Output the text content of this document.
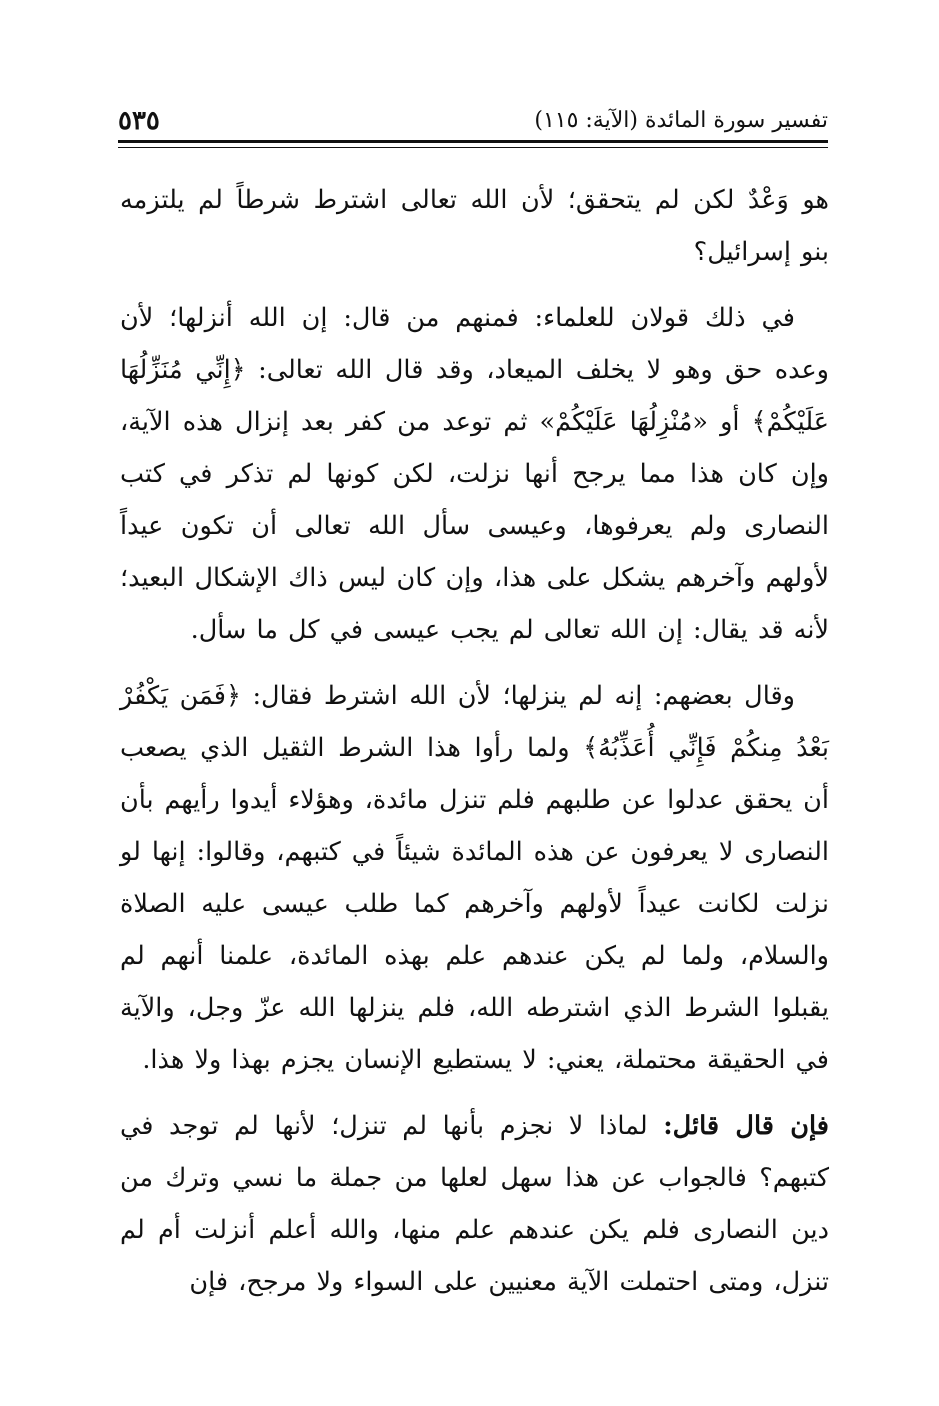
تفسير سورة المائدة (الآية: ١١٥)
٥٣٥

هو وَعْدٌ لكن لم يتحقق؛ لأن الله تعالى اشترط شرطاً لم يلتزمه بنو إسرائيل؟

في ذلك قولان للعلماء: فمنهم من قال: إن الله أنزلها؛ لأن وعده حق وهو لا يخلف الميعاد، وقد قال الله تعالى: ﴿إِنِّي مُنَزِّلُهَا عَلَيْكُمْ﴾ أو «مُنْزِلُهَا عَلَيْكُمْ» ثم توعد من كفر بعد إنزال هذه الآية، وإن كان هذا مما يرجح أنها نزلت، لكن كونها لم تذكر في كتب النصارى ولم يعرفوها، وعيسى سأل الله تعالى أن تكون عيداً لأولهم وآخرهم يشكل على هذا، وإن كان ليس ذاك الإشكال البعيد؛ لأنه قد يقال: إن الله تعالى لم يجب عيسى في كل ما سأل.

وقال بعضهم: إنه لم ينزلها؛ لأن الله اشترط فقال: ﴿فَمَن يَكْفُرْ بَعْدُ مِنكُمْ فَإِنِّي أُعَذِّبُهُ﴾ ولما رأوا هذا الشرط الثقيل الذي يصعب أن يحقق عدلوا عن طلبهم فلم تنزل مائدة، وهؤلاء أيدوا رأيهم بأن النصارى لا يعرفون عن هذه المائدة شيئاً في كتبهم، وقالوا: إنها لو نزلت لكانت عيداً لأولهم وآخرهم كما طلب عيسى عليه الصلاة والسلام، ولما لم يكن عندهم علم بهذه المائدة، علمنا أنهم لم يقبلوا الشرط الذي اشترطه الله، فلم ينزلها الله عزّ وجل، والآية في الحقيقة محتملة، يعني: لا يستطيع الإنسان يجزم بهذا ولا هذا.

فإن قال قائل: لماذا لا نجزم بأنها لم تنزل؛ لأنها لم توجد في كتبهم؟ فالجواب عن هذا سهل لعلها من جملة ما نسي وترك من دين النصارى فلم يكن عندهم علم منها، والله أعلم أنزلت أم لم تنزل، ومتى احتملت الآية معنيين على السواء ولا مرجح، فإن
